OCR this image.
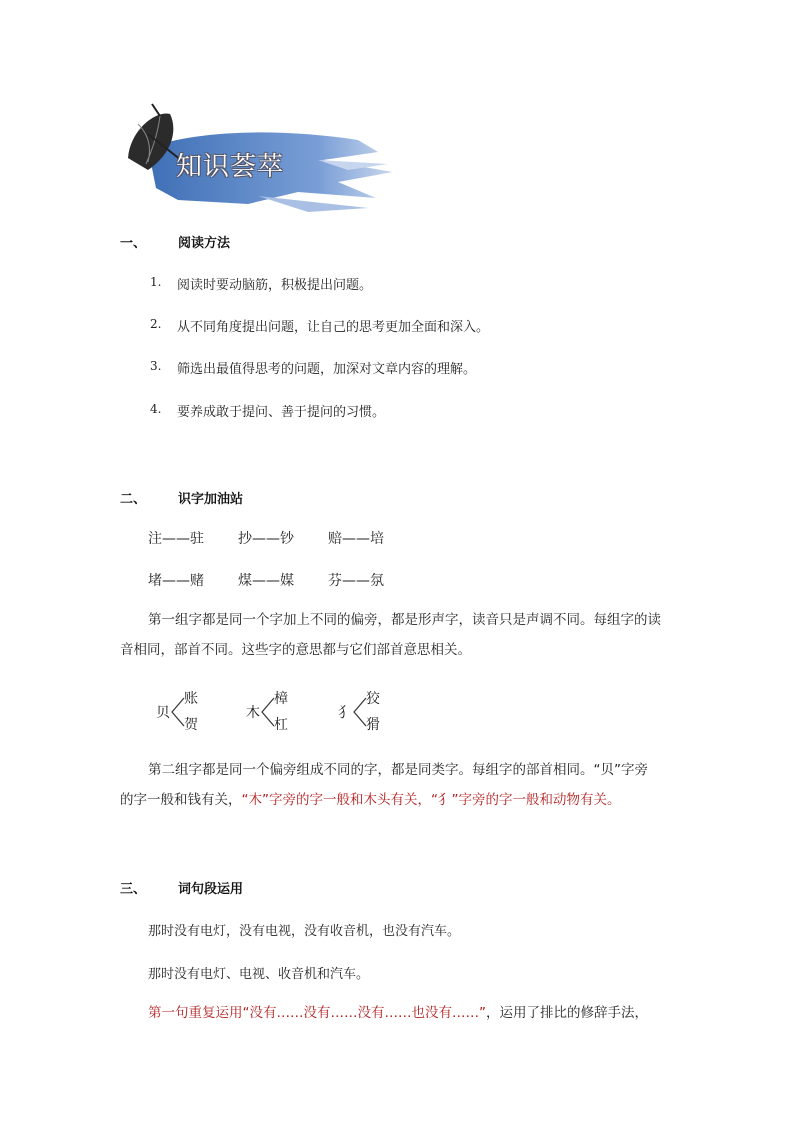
知识荟萃
一、 阅读方法
1. 阅读时要动脑筋，积极提出问题。
2. 从不同角度提出问题，让自己的思考更加全面和深入。
3. 筛选出最值得思考的问题，加深对文章内容的理解。
4. 要养成敢于提问、善于提问的习惯。
二、 识字加油站
注——驻 抄——钞 赔——培
堵——赌 煤——媒 芬——氛
第一组字都是同一个字加上不同的偏旁，都是形声字，读音只是声调不同。每组字的读
音相同，部首不同。这些字的意思都与它们部首意思相关。
贝
账
贺
木
樟
杠
犭
狡
猾
第二组字都是同一个偏旁组成不同的字，都是同类字。每组字的部首相同。“贝”字旁
的字一般和钱有关，“木”字旁的字一般和木头有关，“犭”字旁的字一般和动物有关。
三、 词句段运用
那时没有电灯，没有电视，没有收音机，也没有汽车。
那时没有电灯、电视、收音机和汽车。
第一句重复运用“没有……没有……没有……也没有……”，运用了排比的修辞手法，
